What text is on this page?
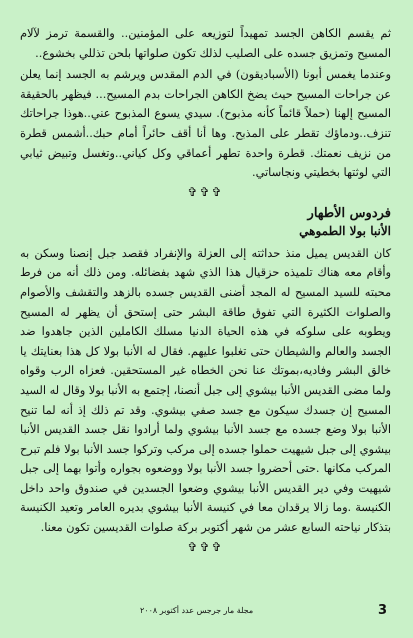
ثم يقسم الكاهن الجسد تمهيداً لتوزيعه على المؤمنين.. والقسمة ترمز لآلام المسيح وتمزيق جسده على الصليب لذلك تكون صلواتها بلحن تذللي بخشوع..

وعندما يغمس أبونا (الأسباديقون) في الدم المقدس ويرشم به الجسد إنما يعلن عن جراحات المسيح حيث يضخ الكاهن الجراحات بدم المسيح... فيظهر بالحقيقة المسيح إلهنا (حملاً قائماً كأنه مذبوح). سيدي يسوع المذبوح عني..هوذا جراحاتك تنزف..ودماؤك تقطر على المذبح. وها أنا أقف حائراً أمام حبك..أشمس قطرة من نزيف نعمتك. قطرة واحدة تطهر أعماقي وكل كياني..وتغسل وتبيض ثيابي التي لوثتها بخطيتي ونجاساتي.

✞✞✞
فردوس الأطهار
الأنبا بولا الطموهي

كان القديس يميل منذ حداثته إلى العزلة والإنفراد فقصد جبل إنصنا وسكن به وأقام معه هناك تلميذه حزقيال هذا الذي شهد بفضائله. ومن ذلك أنه من فرط محبته للسيد المسيح له المجد أضنى القديس جسده بالزهد والتقشف والأصوام والصلوات الكثيرة التي تفوق طاقة البشر حتى إستحق أن يظهر له المسيح ويطوبه على سلوكه في هذه الحياة الدنيا مسلك الكاملين الذين جاهدوا ضد الجسد والعالم والشيطان حتى تغلبوا عليهم. فقال له الأنبا بولا كل هذا بعنايتك يا خالق البشر وفاديه،بموتك عنا نحن الخطاه غير المستحقين. فعزاه الرب وقواه ولما مضى القديس الأنبا بيشوي إلى جبل أنصنا، إجتمع به الأنبا بولا وقال له السيد المسيح إن جسدك سيكون مع جسد صفي بيشوي. وقد تم ذلك إذ أنه لما تنيح الأنبا بولا وضع جسده مع جسد الأنبا بيشوي ولما أرادوا نقل جسد القديس الأنبا بيشوي إلى جبل شيهيت حملوا جسده إلى مركب وتركوا جسد الأنبا بولا فلم تبرح المركب مكانها .حتى أحضروا جسد الأنبا بولا ووضعوه بجواره وأتوا بهما إلى جبل شيهيت وفي دير القديس الأنبا بيشوي وضعوا الجسدين في صندوق واحد داخل الكنيسة .وما زالا يرقدان معا في كنيسة الأنبا بيشوي بديره العامر وتعيد الكنيسة بتذكار نياحته السابع عشر من شهر أكتوبر بركة صلوات القديسين تكون معنا.

✞✞✞
مجلة مار جرجس عدد أكتوبر ٢٠٠٨	3
